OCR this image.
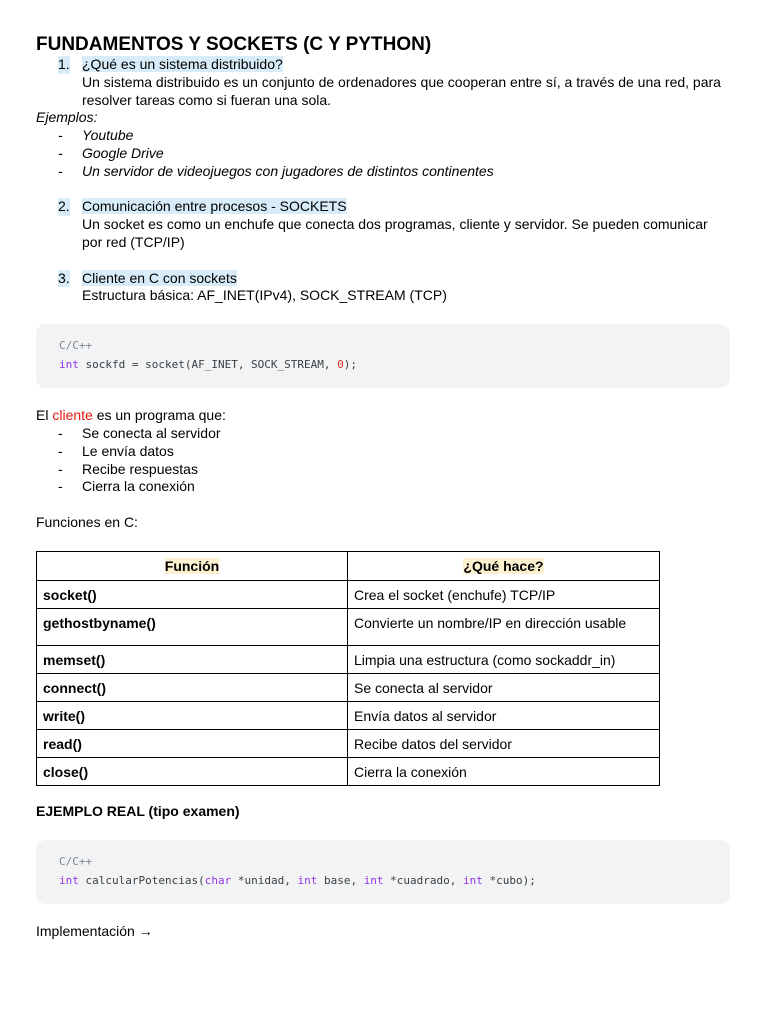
FUNDAMENTOS Y SOCKETS (C Y PYTHON)
1. ¿Qué es un sistema distribuido?
Un sistema distribuido es un conjunto de ordenadores que cooperan entre sí, a través de una red, para
resolver tareas como si fueran una sola.
Ejemplos:
- Youtube
- Google Drive
- Un servidor de videojuegos con jugadores de distintos continentes
2. Comunicación entre procesos - SOCKETS
Un socket es como un enchufe que conecta dos programas, cliente y servidor. Se pueden comunicar
por red (TCP/IP)
3. Cliente en C con sockets
Estructura básica: AF_INET(IPv4), SOCK_STREAM (TCP)
C/C++
int sockfd = socket(AF_INET, SOCK_STREAM, 0);
El cliente es un programa que:
- Se conecta al servidor
- Le envía datos
- Recibe respuestas
- Cierra la conexión
Funciones en C:
Función	¿Qué hace?
socket()	Crea el socket (enchufe) TCP/IP
gethostbyname()	Convierte un nombre/IP en dirección usable
memset()	Limpia una estructura (como sockaddr_in)
connect()	Se conecta al servidor
write()	Envía datos al servidor
read()	Recibe datos del servidor
close()	Cierra la conexión
EJEMPLO REAL (tipo examen)
C/C++
int calcularPotencias(char *unidad, int base, int *cuadrado, int *cubo);
Implementación →
